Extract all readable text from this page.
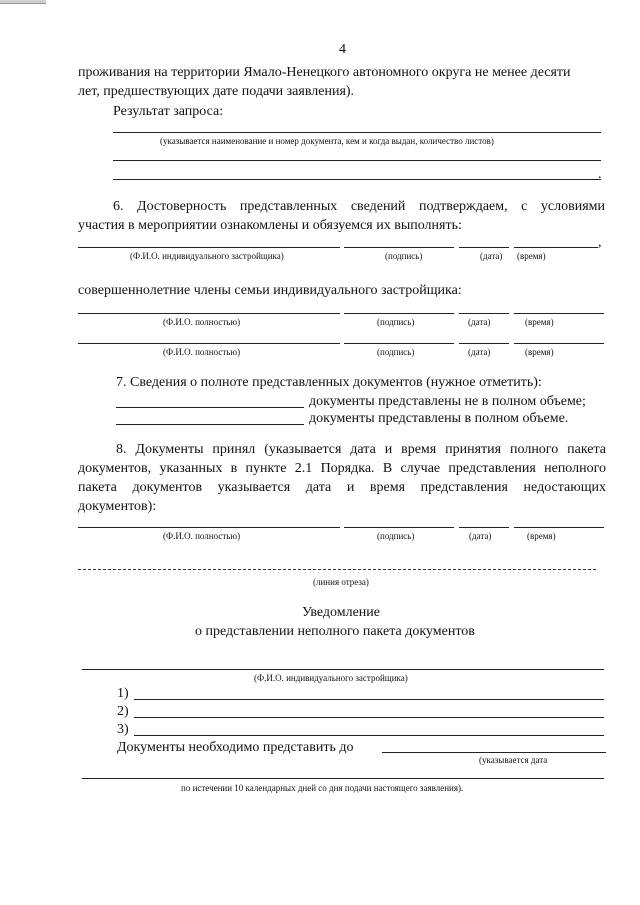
4
проживания на территории Ямало-Ненецкого автономного округа не менее десяти
лет, предшествующих дате подачи заявления).
Результат запроса:
(указывается наименование и номер документа, кем и когда выдан, количество листов)
.
6. Достоверность представленных сведений подтверждаем, с условиями
участия в мероприятии ознакомлены и обязуемся их выполнять:
,
(Ф.И.О. индивидуального застройщика)	(подпись)	(дата) (время)
совершеннолетние члены семьи индивидуального застройщика:
(Ф.И.О. полностью)	(подпись)	(дата)	(время)
(Ф.И.О. полностью)	(подпись)	(дата)	(время)
7. Сведения о полноте представленных документов (нужное отметить):
документы представлены не в полном объеме;
документы представлены в полном объеме.
8. Документы принял (указывается дата и время принятия полного пакета
документов, указанных в пункте 2.1 Порядка. В случае представления неполного
пакета документов указывается дата и время представления недостающих
документов):
(Ф.И.О. полностью)	(подпись)	(дата)	(время)
(линия отреза)
Уведомление
о представлении неполного пакета документов
(Ф.И.О. индивидуального застройщика)
1)
2)
3)
Документы необходимо представить до
(указывается дата
по истечении 10 календарных дней со дня подачи настоящего заявления).
